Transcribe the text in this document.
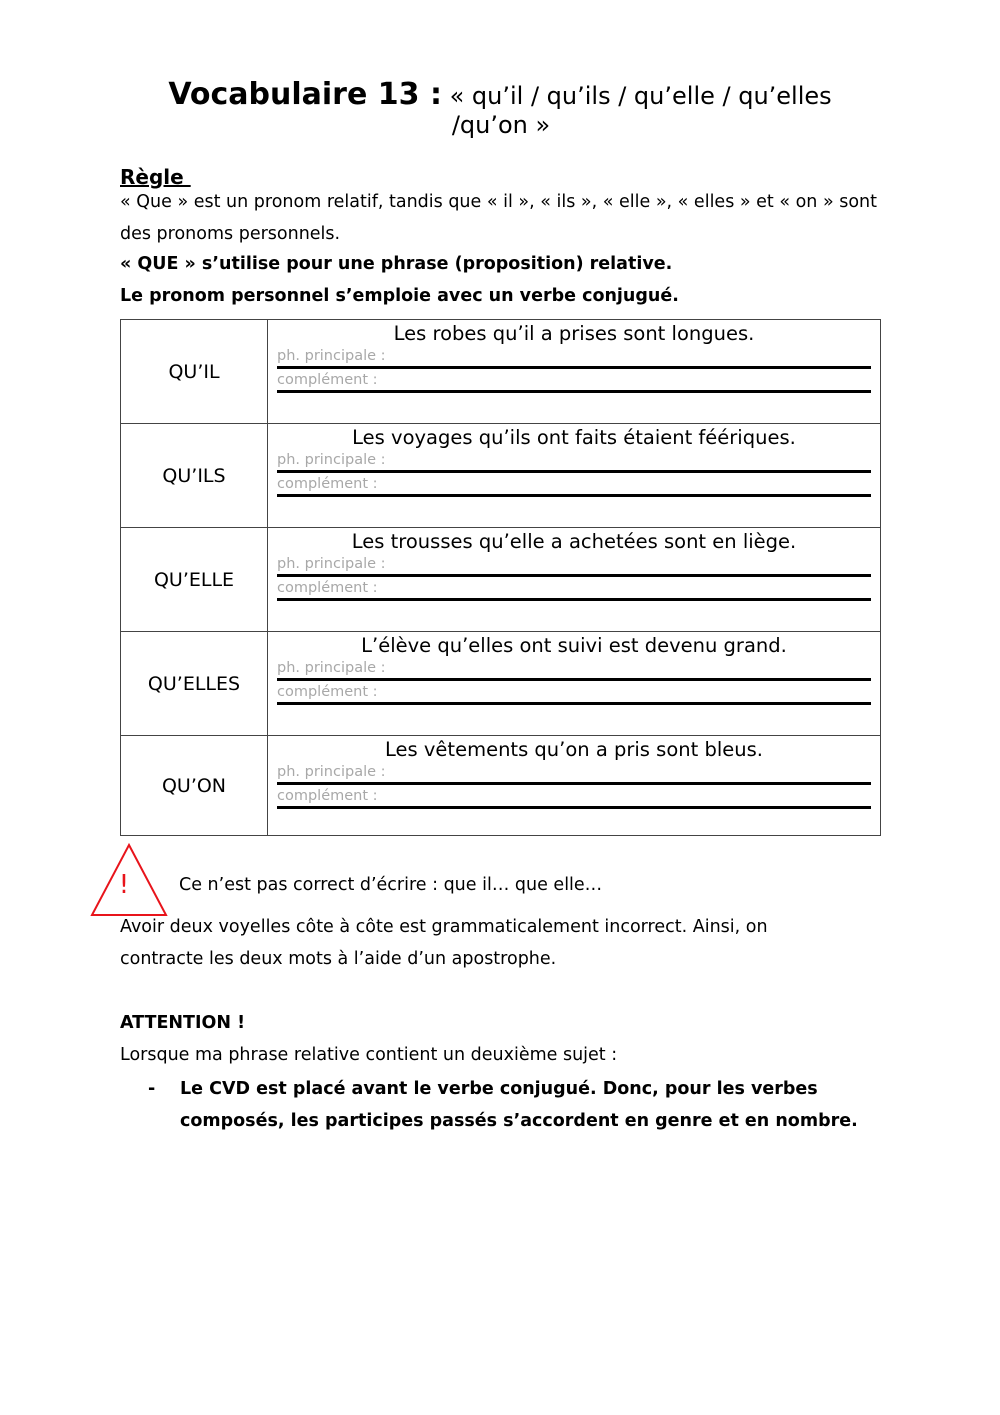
Vocabulaire 13 : « qu’il / qu’ils / qu’elle / qu’elles
/qu’on »
Règle
« Que » est un pronom relatif, tandis que « il », « ils », « elle », « elles » et « on » sont des pronoms personnels.
« QUE » s’utilise pour une phrase (proposition) relative.
Le pronom personnel s’emploie avec un verbe conjugué.
QU’IL	Les robes qu’il a prises sont longues.
ph. principale :
complément :

QU’ILS	Les voyages qu’ils ont faits étaient féériques.
ph. principale :
complément :

QU’ELLE	Les trousses qu’elle a achetées sont en liège.
ph. principale :
complément :

QU’ELLES	L’élève qu’elles ont suivi est devenu grand.
ph. principale :
complément :

QU’ON	Les vêtements qu’on a pris sont bleus.
ph. principale :
complément :
!	Ce n’est pas correct d’écrire : que il… que elle…
Avoir deux voyelles côte à côte est grammaticalement incorrect. Ainsi, on contracte les deux mots à l’aide d’un apostrophe.
ATTENTION !
Lorsque ma phrase relative contient un deuxième sujet :
- Le CVD est placé avant le verbe conjugué. Donc, pour les verbes composés, les participes passés s’accordent en genre et en nombre.
